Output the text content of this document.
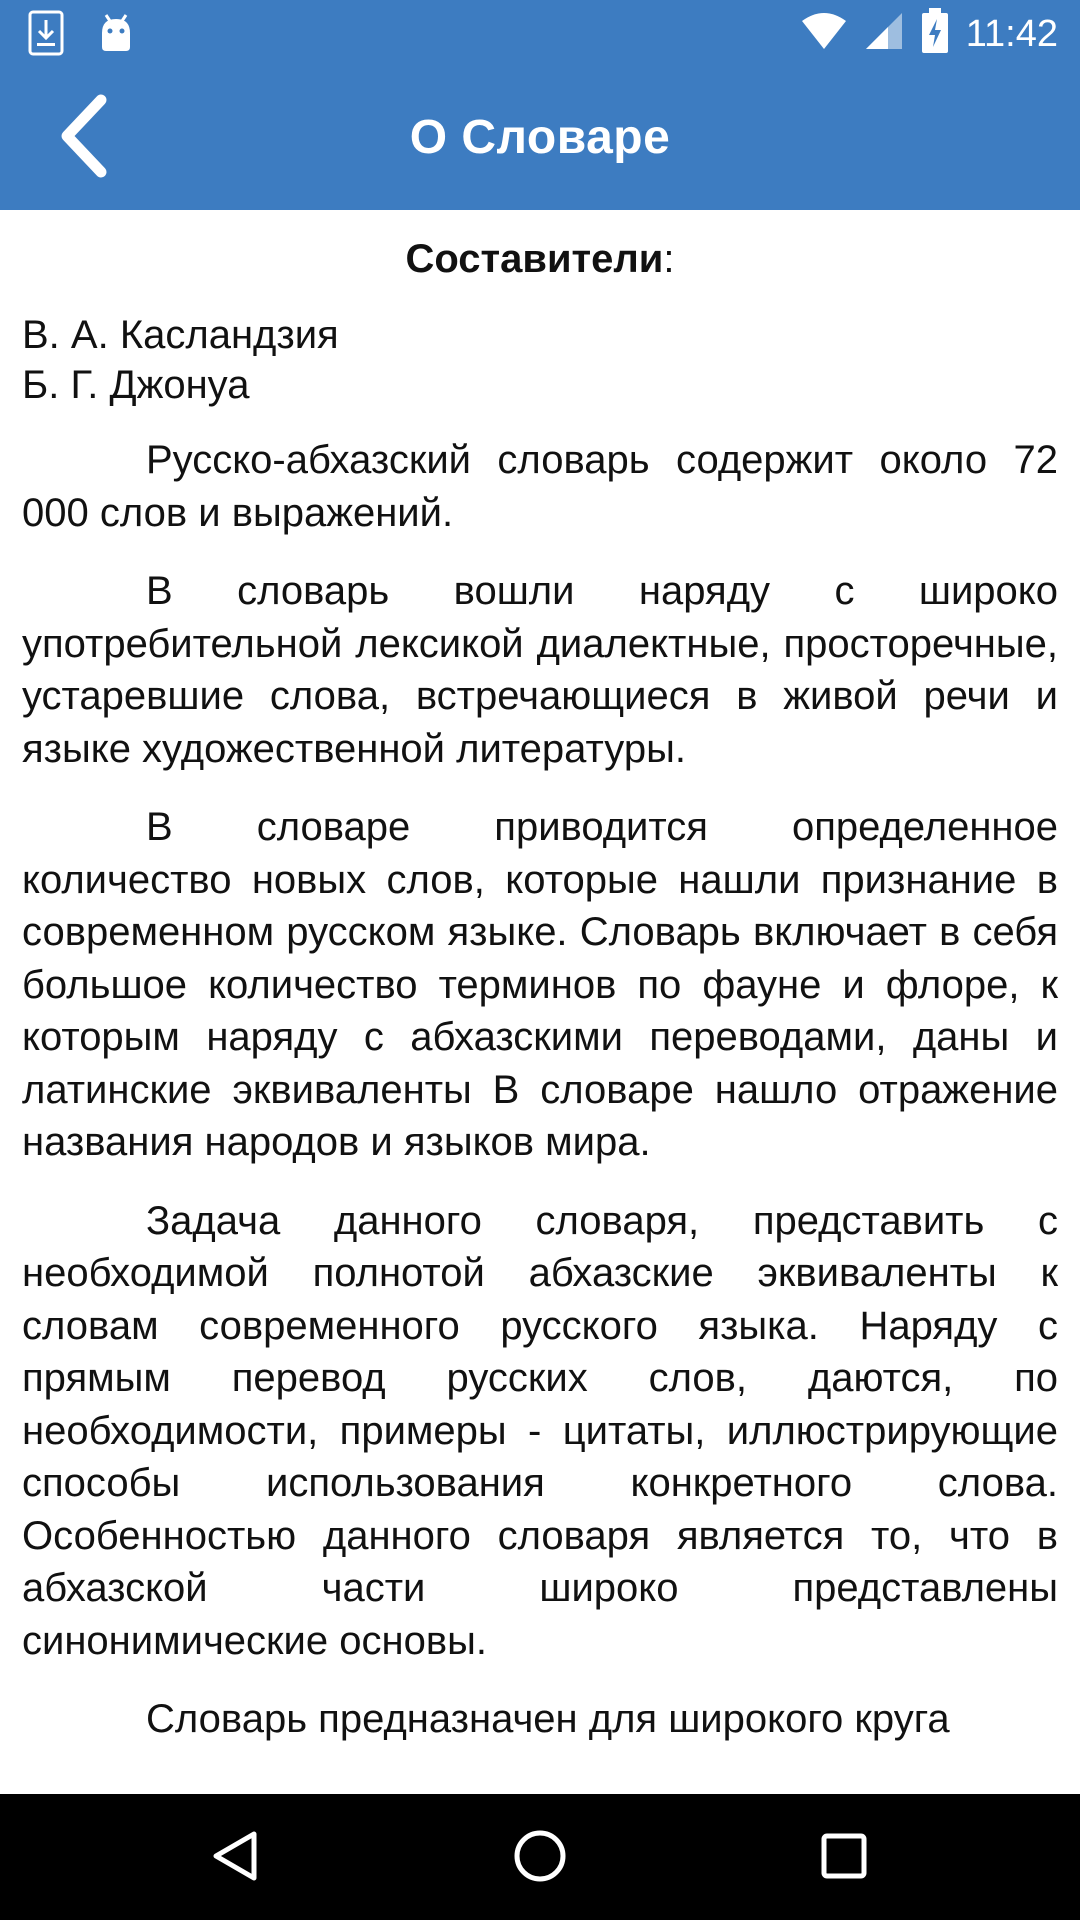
11:42
О Словаре
Составители:
В. А. Каслaндзия
Б. Г. Джонуа

Русско-абхазский словарь содержит около 72 000 слов и выражений.

В словарь вошли наряду с широко употребительной лексикой диалектные, просторечные, устаревшие слова, встречающиеся в живой речи и языке художественной литературы.

В словаре приводится определенное количество новых слов, которые нашли признание в современном русском языке. Словарь включает в себя большое количество терминов по фауне и флоре, к которым наряду с абхазскими переводами, даны и латинские эквиваленты В словаре нашло отражение названия народов и языков мира.

Задача данного словаря, представить с необходимой полнотой абхазские эквиваленты к словам современного русского языка. Наряду с прямым перевод русских слов, даются, по необходимости, примеры - цитаты, иллюстрирующие способы использования конкретного слова. Особенностью данного словаря является то, что в абхазской части широко представлены синонимические основы.

Словарь предназначен для широкого круга
